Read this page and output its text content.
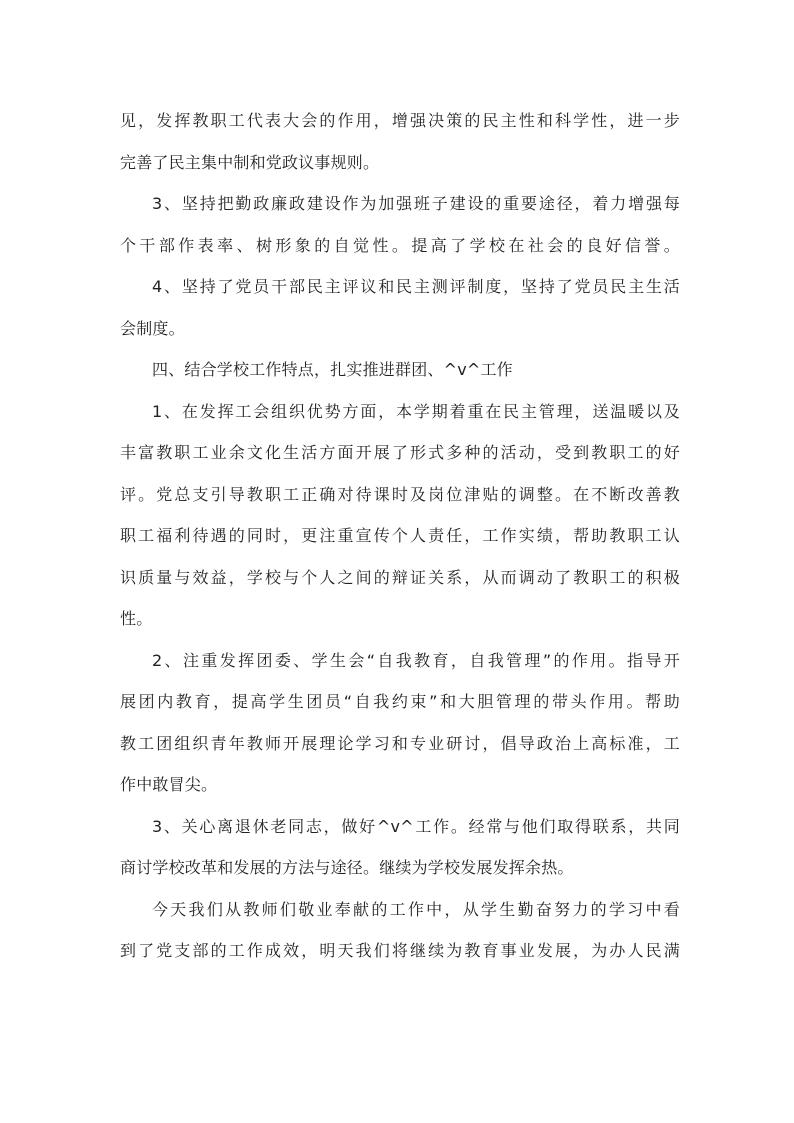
见，发挥教职工代表大会的作用，增强决策的民主性和科学性，进一步
完善了民主集中制和党政议事规则。
3、坚持把勤政廉政建设作为加强班子建设的重要途径，着力增强每
个干部作表率、树形象的自觉性。提高了学校在社会的良好信誉。
4、坚持了党员干部民主评议和民主测评制度，坚持了党员民主生活
会制度。
四、结合学校工作特点，扎实推进群团、^v^工作
1、在发挥工会组织优势方面，本学期着重在民主管理，送温暖以及
丰富教职工业余文化生活方面开展了形式多种的活动，受到教职工的好
评。党总支引导教职工正确对待课时及岗位津贴的调整。在不断改善教
职工福利待遇的同时，更注重宣传个人责任，工作实绩，帮助教职工认
识质量与效益，学校与个人之间的辩证关系，从而调动了教职工的积极
性。
2、注重发挥团委、学生会“自我教育，自我管理”的作用。指导开
展团内教育，提高学生团员“自我约束”和大胆管理的带头作用。帮助
教工团组织青年教师开展理论学习和专业研讨，倡导政治上高标准，工
作中敢冒尖。
3、关心离退休老同志，做好^v^工作。经常与他们取得联系，共同
商讨学校改革和发展的方法与途径。继续为学校发展发挥余热。
今天我们从教师们敬业奉献的工作中，从学生勤奋努力的学习中看
到了党支部的工作成效，明天我们将继续为教育事业发展，为办人民满
